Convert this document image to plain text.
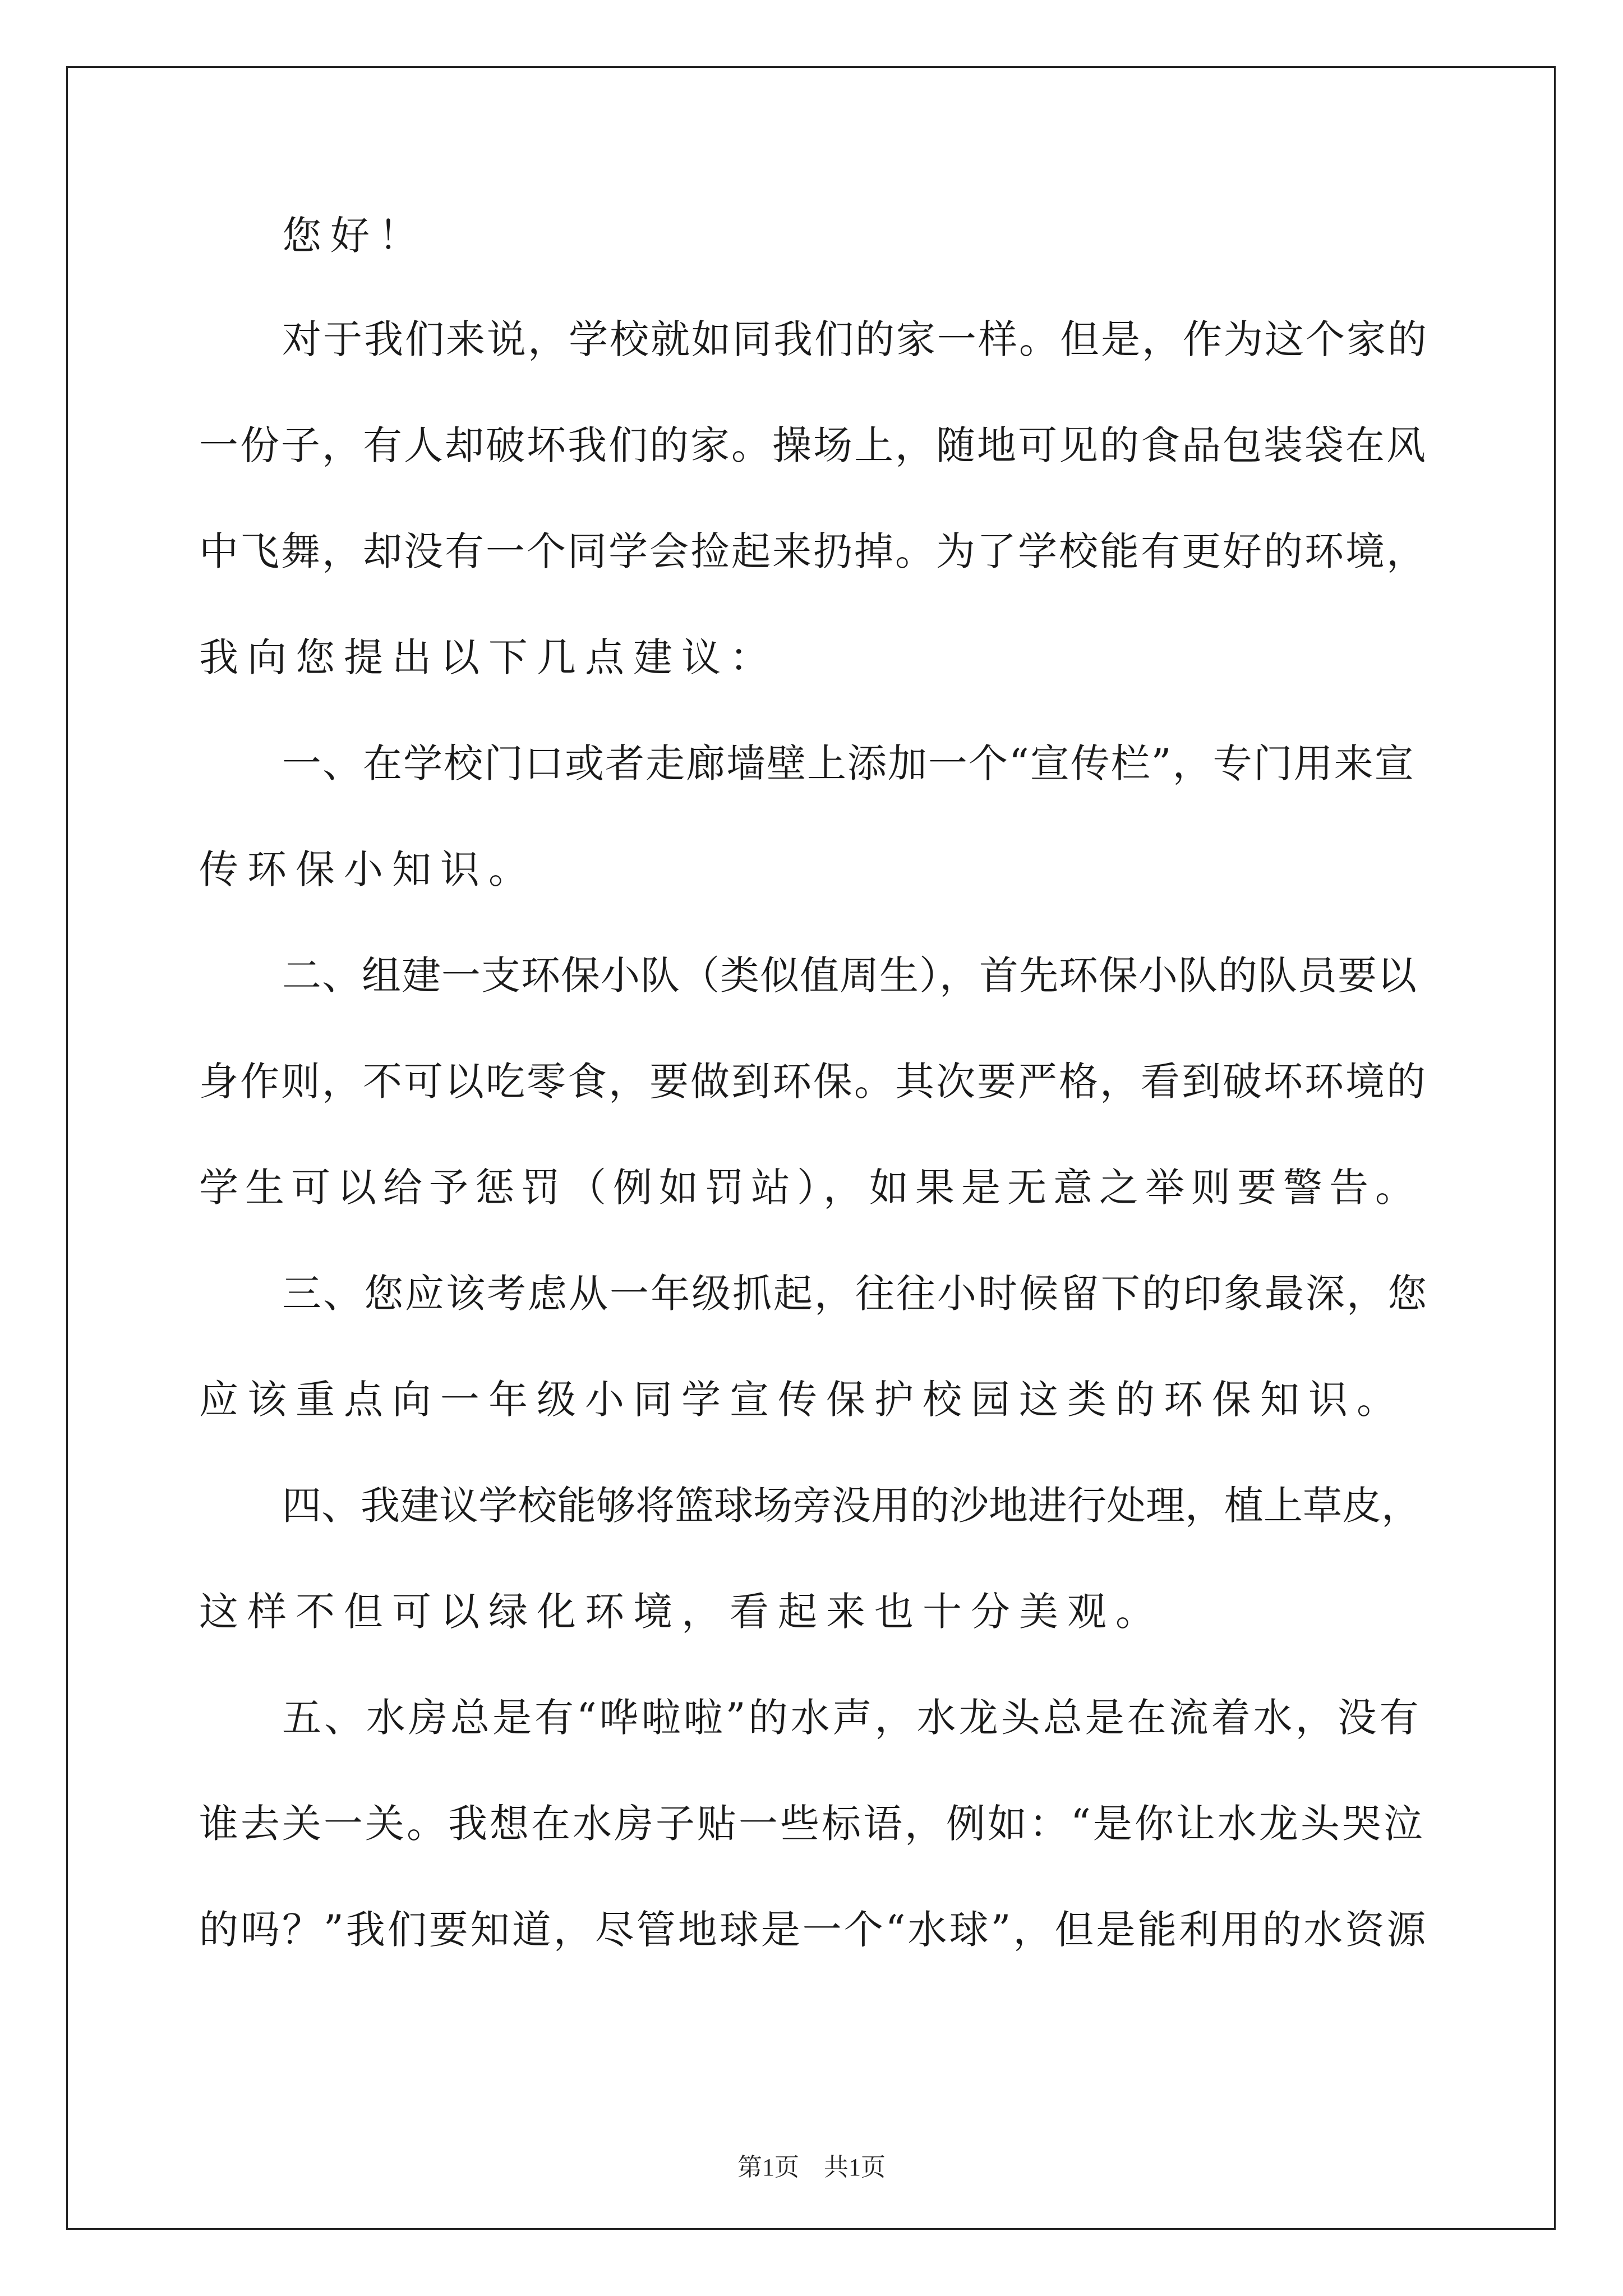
您好！
对于我们来说，学校就如同我们的家一样。但是，作为这个家的
一份子，有人却破坏我们的家。操场上，随地可见的食品包装袋在风
中飞舞，却没有一个同学会捡起来扔掉。为了学校能有更好的环境，
我向您提出以下几点建议：
一、在学校门口或者走廊墙壁上添加一个“宣传栏”，专门用来宣
传环保小知识。
二、组建一支环保小队（类似值周生），首先环保小队的队员要以
身作则，不可以吃零食，要做到环保。其次要严格，看到破坏环境的
学生可以给予惩罚（例如罚站），如果是无意之举则要警告。
三、您应该考虑从一年级抓起，往往小时候留下的印象最深，您
应该重点向一年级小同学宣传保护校园这类的环保知识。
四、我建议学校能够将篮球场旁没用的沙地进行处理，植上草皮，
这样不但可以绿化环境，看起来也十分美观。
五、水房总是有“哗啦啦”的水声，水龙头总是在流着水，没有
谁去关一关。我想在水房子贴一些标语，例如：“是你让水龙头哭泣
的吗？”我们要知道，尽管地球是一个“水球”，但是能利用的水资源
第1页　共1页
